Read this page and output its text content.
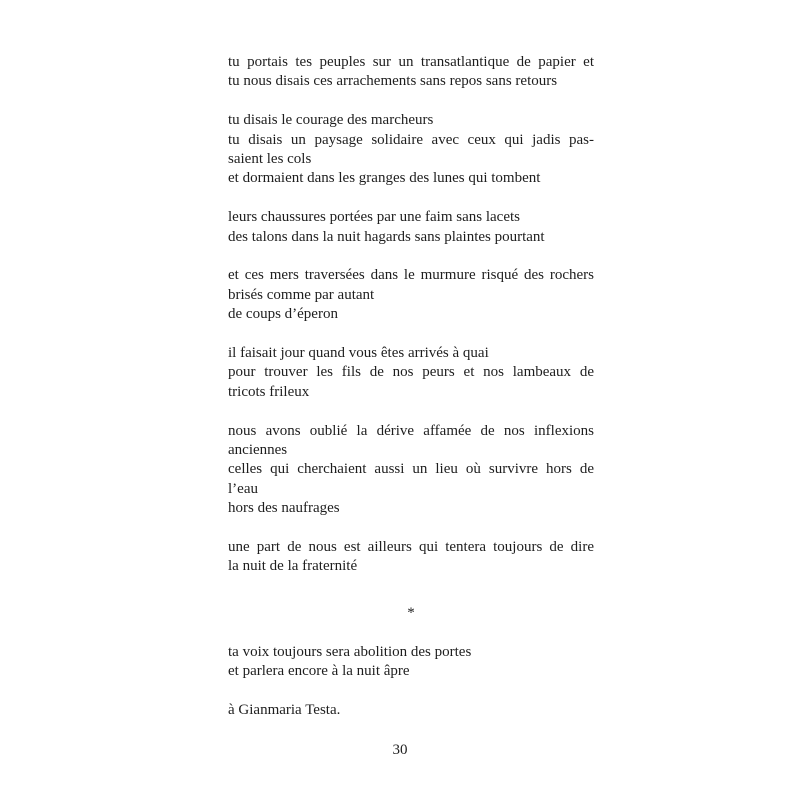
tu portais tes peuples sur un transatlantique de papier et
tu nous disais ces arrachements sans repos sans retours
tu disais le courage des marcheurs
tu disais un paysage solidaire avec ceux qui jadis pas-
saient les cols
et dormaient dans les granges des lunes qui tombent
leurs chaussures portées par une faim sans lacets
des talons dans la nuit hagards sans plaintes pourtant
et ces mers traversées dans le murmure risqué des rochers
brisés comme par autant
de coups d’éperon
il faisait jour quand vous êtes arrivés à quai
pour trouver les fils de nos peurs et nos lambeaux de
tricots frileux
nous avons oublié la dérive affamée de nos inflexions
anciennes
celles qui cherchaient aussi un lieu où survivre hors de
l’eau
hors des naufrages
une part de nous est ailleurs qui tentera toujours de dire
la nuit de la fraternité
*
ta voix toujours sera abolition des portes
et parlera encore à la nuit âpre
à Gianmaria Testa.
30
